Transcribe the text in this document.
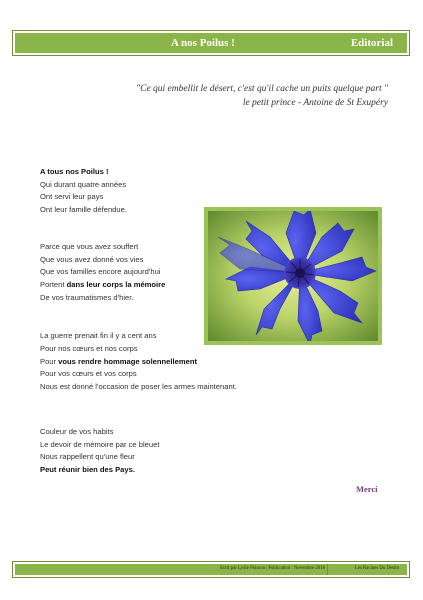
A nos Poilus !	Editorial
"Ce qui embellit le désert, c'est qu'il cache un puits quelque part "
le petit prince - Antoine de St Exupéry

A tous nos Poilus !

Qui durant quatre années

Ont servi leur pays

Ont leur famille défendue.

Parce que vous avez souffert

Que vous avez donné vos vies

Que vos familles encore aujourd'hui

Portent dans leur corps la mémoire

De vos traumatismes d'hier.

La guerre prenait fin il y a cent ans

Pour nos cœurs et nos corps

Pour vous rendre hommage solennellement

Pour vos cœurs et vos corps

Nous est donné l'occasion de poser les armes maintenant.

Couleur de vos habits

Le devoir de mémoire par ce bleuet

Nous rappellent qu'une fleur

Peut réunir bien des Pays.

Merci
Ecrit par Lydie Poisson | Publication : Novembre 2018	Les Racines Du Destin
